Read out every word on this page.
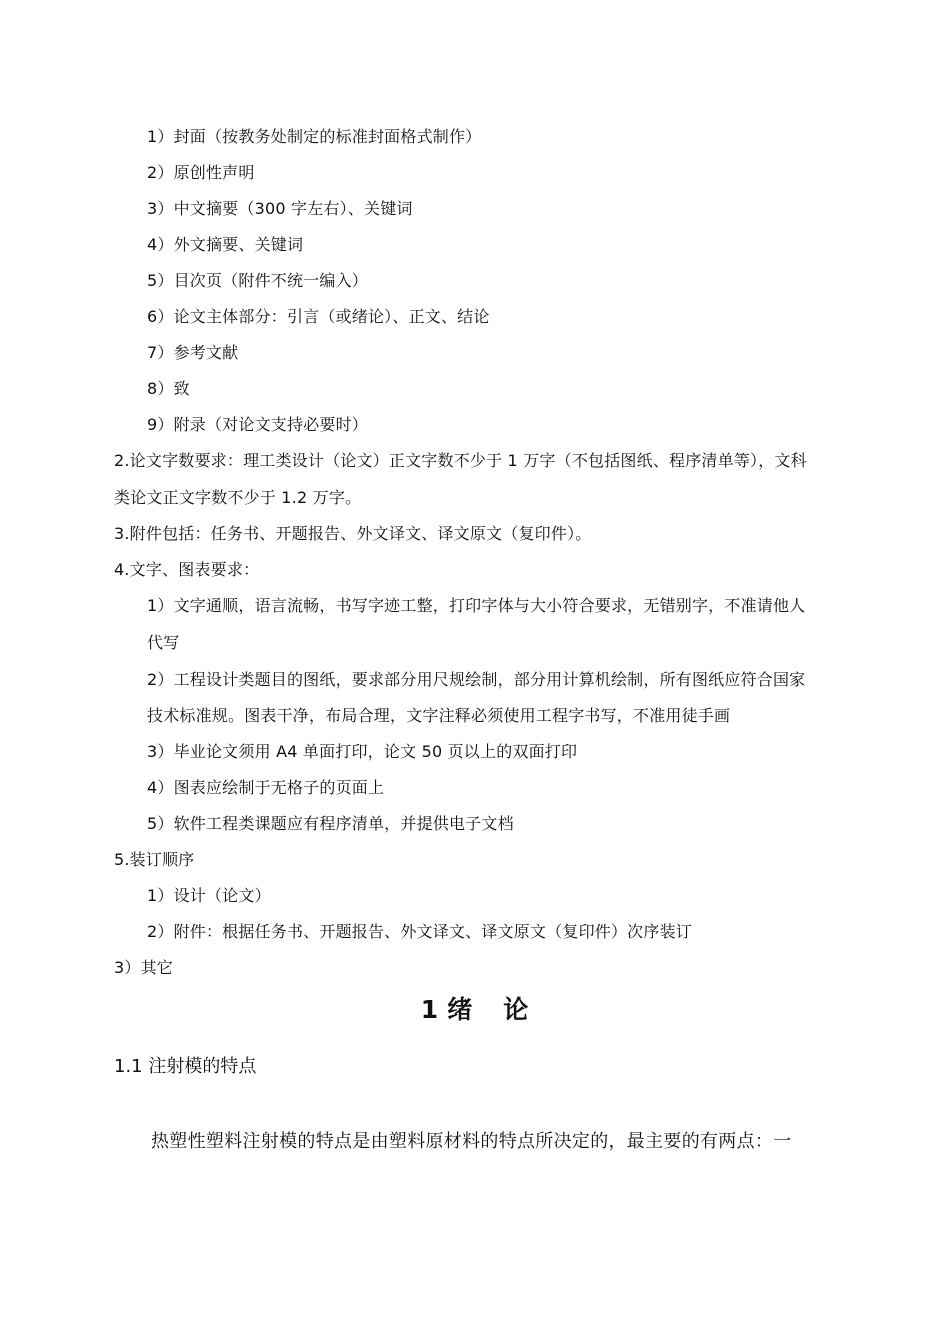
1）封面（按教务处制定的标准封面格式制作）
2）原创性声明
3）中文摘要（300 字左右）、关键词
4）外文摘要、关键词
5）目次页（附件不统一编入）
6）论文主体部分：引言（或绪论）、正文、结论
7）参考文献
8）致
9）附录（对论文支持必要时）
2.论文字数要求：理工类设计（论文）正文字数不少于 1 万字（不包括图纸、程序清单等），文科
类论文正文字数不少于 1.2 万字。
3.附件包括：任务书、开题报告、外文译文、译文原文（复印件）。
4.文字、图表要求：
1）文字通顺，语言流畅，书写字迹工整，打印字体与大小符合要求，无错别字，不准请他人
代写
2）工程设计类题目的图纸，要求部分用尺规绘制，部分用计算机绘制，所有图纸应符合国家
技术标准规。图表干净，布局合理，文字注释必须使用工程字书写，不准用徒手画
3）毕业论文须用 A4 单面打印，论文 50 页以上的双面打印
4）图表应绘制于无格子的页面上
5）软件工程类课题应有程序清单，并提供电子文档
5.装订顺序
1）设计（论文）
2）附件：根据任务书、开题报告、外文译文、译文原文（复印件）次序装订
3）其它
1 绪 论
1.1 注射模的特点
热塑性塑料注射模的特点是由塑料原材料的特点所决定的，最主要的有两点：一
